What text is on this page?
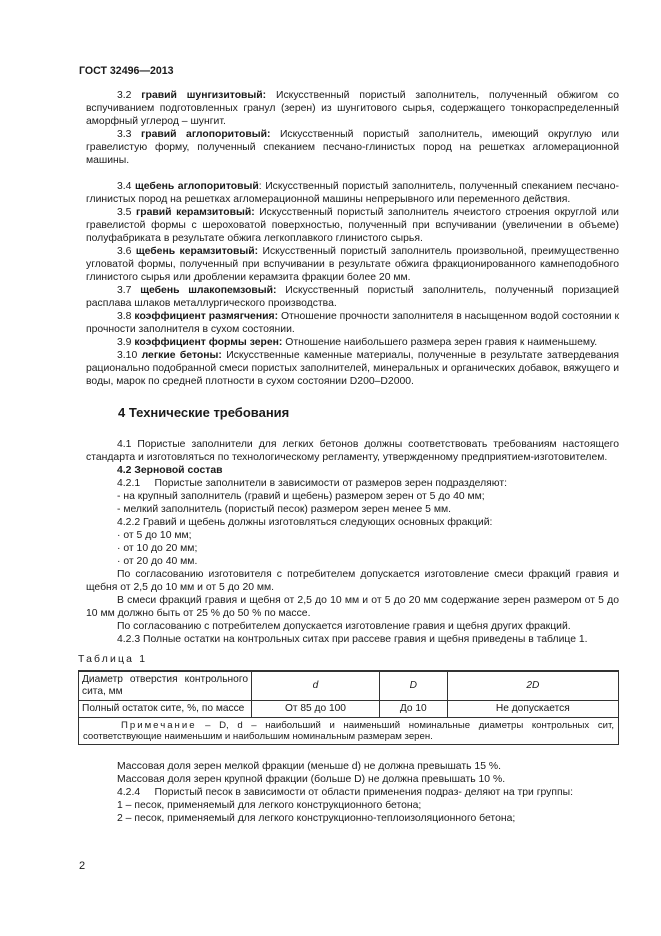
ГОСТ 32496—2013

3.2 гравий шунгизитовый: Искусственный пористый заполнитель, полученный обжигом со вспучиванием подготовленных гранул (зерен) из шунгитового сырья, содержащего тонкораспределенный аморфный углерод – шунгит.

3.3 гравий аглопоритовый: Искусственный пористый заполнитель, имеющий округлую или гравелистую форму, полученный спеканием песчано-глинистых пород на решетках агломерационной машины.

3.4 щебень аглопоритовый: Искусственный пористый заполнитель, полученный спеканием песчано-глинистых пород на решетках агломерационной машины непрерывного или переменного действия.

3.5 гравий керамзитовый: Искусственный пористый заполнитель ячеистого строения округлой или гравелистой формы с шероховатой поверхностью, полученный при вспучивании (увеличении в объеме) полуфабриката в результате обжига легкоплавкого глинистого сырья.

3.6 щебень керамзитовый: Искусственный пористый заполнитель произвольной, преимущественно угловатой формы, полученный при вспучивании в результате обжига фракционированного камнеподобного глинистого сырья или дроблении керамзита фракции более 20 мм.

3.7 щебень шлакопемзовый: Искусственный пористый заполнитель, полученный поризацией расплава шлаков металлургического производства.

3.8 коэффициент размягчения: Отношение прочности заполнителя в насыщенном водой состоянии к прочности заполнителя в сухом состоянии.

3.9 коэффициент формы зерен: Отношение наибольшего размера зерен гравия к наименьшему.

3.10 легкие бетоны: Искусственные каменные материалы, полученные в результате затвердевания рационально подобранной смеси пористых заполнителей, минеральных и органических добавок, вяжущего и воды, марок по средней плотности в сухом состоянии D200–D2000.

4 Технические требования

4.1 Пористые заполнители для легких бетонов должны соответствовать требованиям настоящего стандарта и изготовляться по технологическому регламенту, утвержденному предприятием-изготовителем.

4.2 Зерновой состав

4.2.1     Пористые заполнители в зависимости от размеров зерен подразделяют:

- на крупный заполнитель (гравий и щебень) размером зерен от 5 до 40 мм;

- мелкий заполнитель (пористый песок) размером зерен менее 5 мм.

4.2.2 Гравий и щебень должны изготовляться следующих основных фракций:

· от 5 до 10 мм;

· от 10 до 20 мм;

· от 20 до 40 мм.

По согласованию изготовителя с потребителем допускается изготовление смеси фракций гравия и щебня от 2,5 до 10 мм и от 5 до 20 мм.

В смеси фракций гравия и щебня от 2,5 до 10 мм и от 5 до 20 мм содержание зерен размером от 5 до 10 мм должно быть от 25 % до 50 % по массе.

По согласованию с потребителем допускается изготовление гравия и щебня других фракций.

4.2.3 Полные остатки на контрольных ситах при рассеве гравия и щебня приведены в таблице 1.

Таблица 1
Диаметр отверстия контрольного сита, мм	d	D	2D
Полный остаток сите, %, по массе	От 85 до 100	До 10	Не допускается
Примечание – D, d – наибольший и наименьший номинальные диаметры контрольных сит, соответствующие наименьшим и наибольшим номинальным размерам зерен.			

Массовая доля зерен мелкой фракции (меньше d) не должна превышать 15 %.

Массовая доля зерен крупной фракции (больше D) не должна превышать 10 %.

4.2.4     Пористый песок в зависимости от области применения подраз- деляют на три группы:

1 – песок, применяемый для легкого конструкционного бетона;

2 – песок, применяемый для легкого конструкционно-теплоизоляционного бетона;

2
